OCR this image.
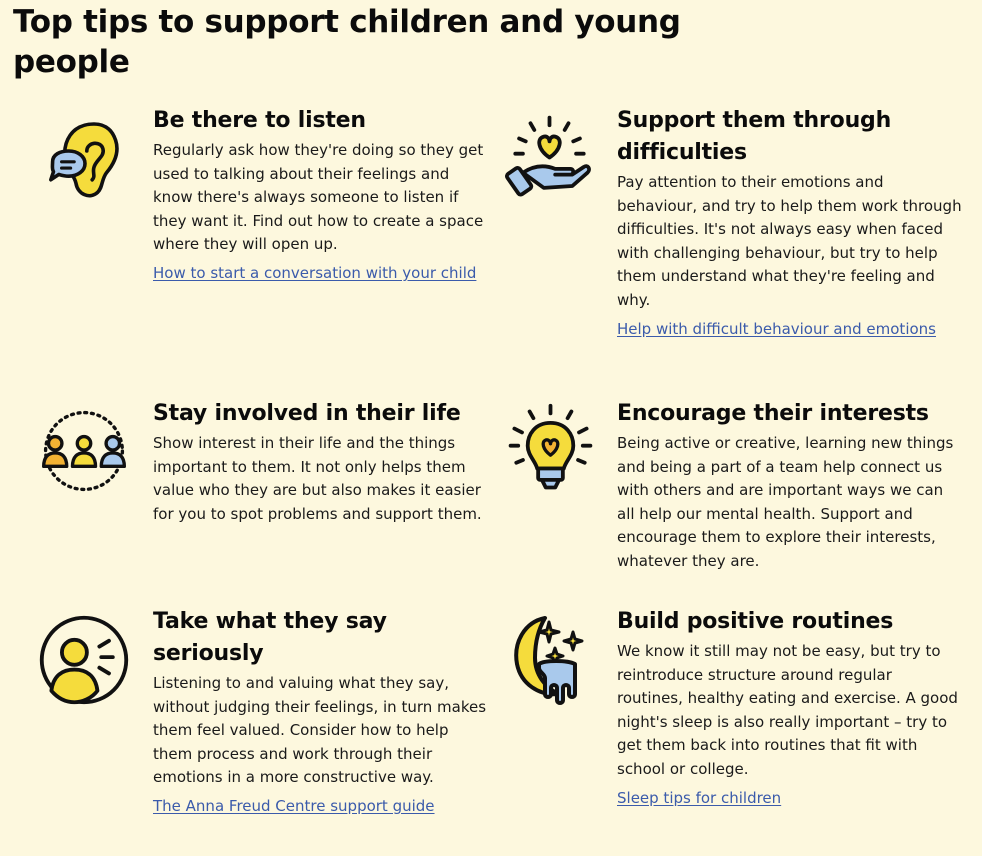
Top tips to support children and young people
Be there to listen

Regularly ask how they're doing so they get used to talking about their feelings and know there's always someone to listen if they want it. Find out how to create a space where they will open up.

How to start a conversation with your child
Support them through difficulties

Pay attention to their emotions and behaviour, and try to help them work through difficulties. It's not always easy when faced with challenging behaviour, but try to help them understand what they're feeling and why.

Help with difficult behaviour and emotions
Stay involved in their life

Show interest in their life and the things important to them. It not only helps them value who they are but also makes it easier for you to spot problems and support them.

Encourage their interests

Being active or creative, learning new things and being a part of a team help connect us with others and are important ways we can all help our mental health. Support and encourage them to explore their interests, whatever they are.

Take what they say seriously

Listening to and valuing what they say, without judging their feelings, in turn makes them feel valued. Consider how to help them process and work through their emotions in a more constructive way.

The Anna Freud Centre support guide
Build positive routines

We know it still may not be easy, but try to reintroduce structure around regular routines, healthy eating and exercise. A good night's sleep is also really important – try to get them back into routines that fit with school or college.

Sleep tips for children
